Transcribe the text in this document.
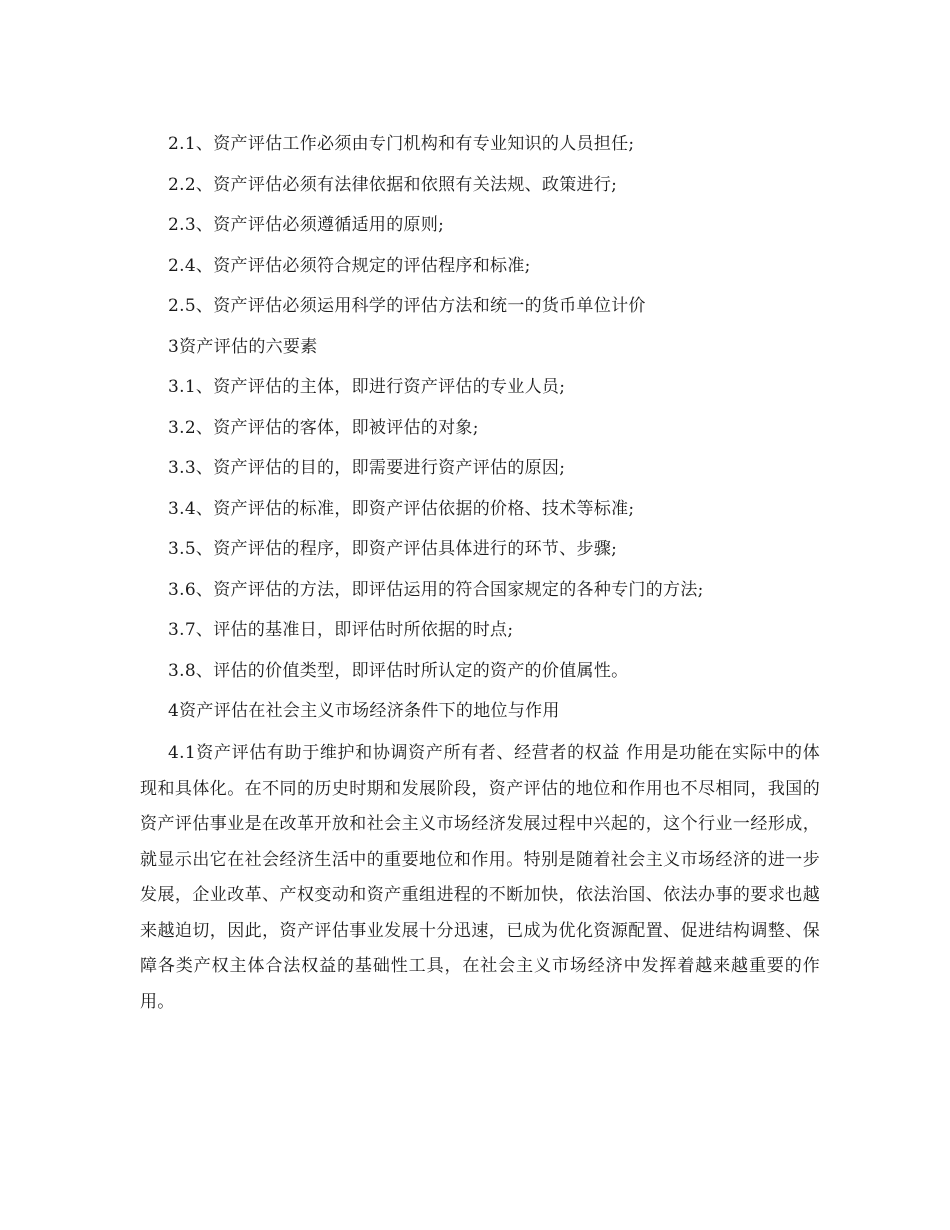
2.1、资产评估工作必须由专门机构和有专业知识的人员担任;
2.2、资产评估必须有法律依据和依照有关法规、政策进行;
2.3、资产评估必须遵循适用的原则;
2.4、资产评估必须符合规定的评估程序和标准;
2.5、资产评估必须运用科学的评估方法和统一的货币单位计价
3资产评估的六要素
3.1、资产评估的主体，即进行资产评估的专业人员;
3.2、资产评估的客体，即被评估的对象;
3.3、资产评估的目的，即需要进行资产评估的原因;
3.4、资产评估的标准，即资产评估依据的价格、技术等标准;
3.5、资产评估的程序，即资产评估具体进行的环节、步骤;
3.6、资产评估的方法，即评估运用的符合国家规定的各种专门的方法;
3.7、评估的基准日，即评估时所依据的时点;
3.8、评估的价值类型，即评估时所认定的资产的价值属性。
4资产评估在社会主义市场经济条件下的地位与作用

4.1资产评估有助于维护和协调资产所有者、经营者的权益 作用是功能在实际中的体现和具体化。在不同的历史时期和发展阶段，资产评估的地位和作用也不尽相同，我国的资产评估事业是在改革开放和社会主义市场经济发展过程中兴起的，这个行业一经形成，就显示出它在社会经济生活中的重要地位和作用。特别是随着社会主义市场经济的进一步发展，企业改革、产权变动和资产重组进程的不断加快，依法治国、依法办事的要求也越来越迫切，因此，资产评估事业发展十分迅速，已成为优化资源配置、促进结构调整、保障各类产权主体合法权益的基础性工具，在社会主义市场经济中发挥着越来越重要的作用。
